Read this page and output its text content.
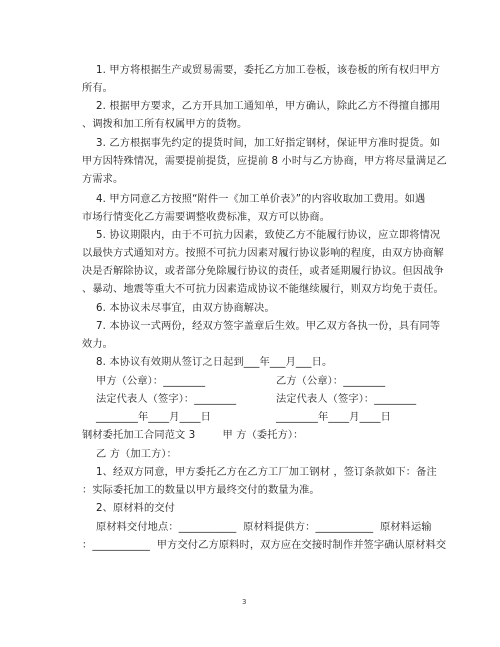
1. 甲方将根据生产或贸易需要，委托乙方加工卷板，该卷板的所有权归甲方
所有。
2. 根据甲方要求，乙方开具加工通知单，甲方确认，除此乙方不得擅自挪用
、调拨和加工所有权属甲方的货物。
3. 乙方根据事先约定的提货时间，加工好指定钢材，保证甲方准时提货。如
甲方因特殊情况，需要提前提货，应提前 8 小时与乙方协商，甲方将尽量满足乙
方需求。
4. 甲方同意乙方按照“附件一《加工单价表》”的内容收取加工费用。如遇
市场行情变化乙方需要调整收费标准，双方可以协商。
5. 协议期限内，由于不可抗力因素，致使乙方不能履行协议，应立即将情况
以最快方式通知对方。按照不可抗力因素对履行协议影响的程度，由双方协商解
决是否解除协议，或者部分免除履行协议的责任，或者延期履行协议。但因战争
、暴动、地震等重大不可抗力因素造成协议不能继续履行，则双方均免于责任。
6. 本协议未尽事宜，由双方协商解决。
7. 本协议一式两份，经双方签字盖章后生效。甲乙双方各执一份，具有同等
效力。
8. 本协议有效期从签订之日起到___年___月___日。
甲方（公章）：________	乙方（公章）：________
法定代表人（签字）：________	法定代表人（签字）：________
________年____月____日	________年____月____日
钢材委托加工合同范文 3        甲 方（委托方）：
乙 方（加工方）：
1、经双方同意，甲方委托乙方在乙方工厂加工钢材 ，签订条款如下：备注
：实际委托加工的数量以甲方最终交付的数量为准。
2、原材料的交付
原材料交付地点：___________  原材料提供方：___________  原材料运输
：___________  甲方交付乙方原料时，双方应在交接时制作并签字确认原材料交
3
